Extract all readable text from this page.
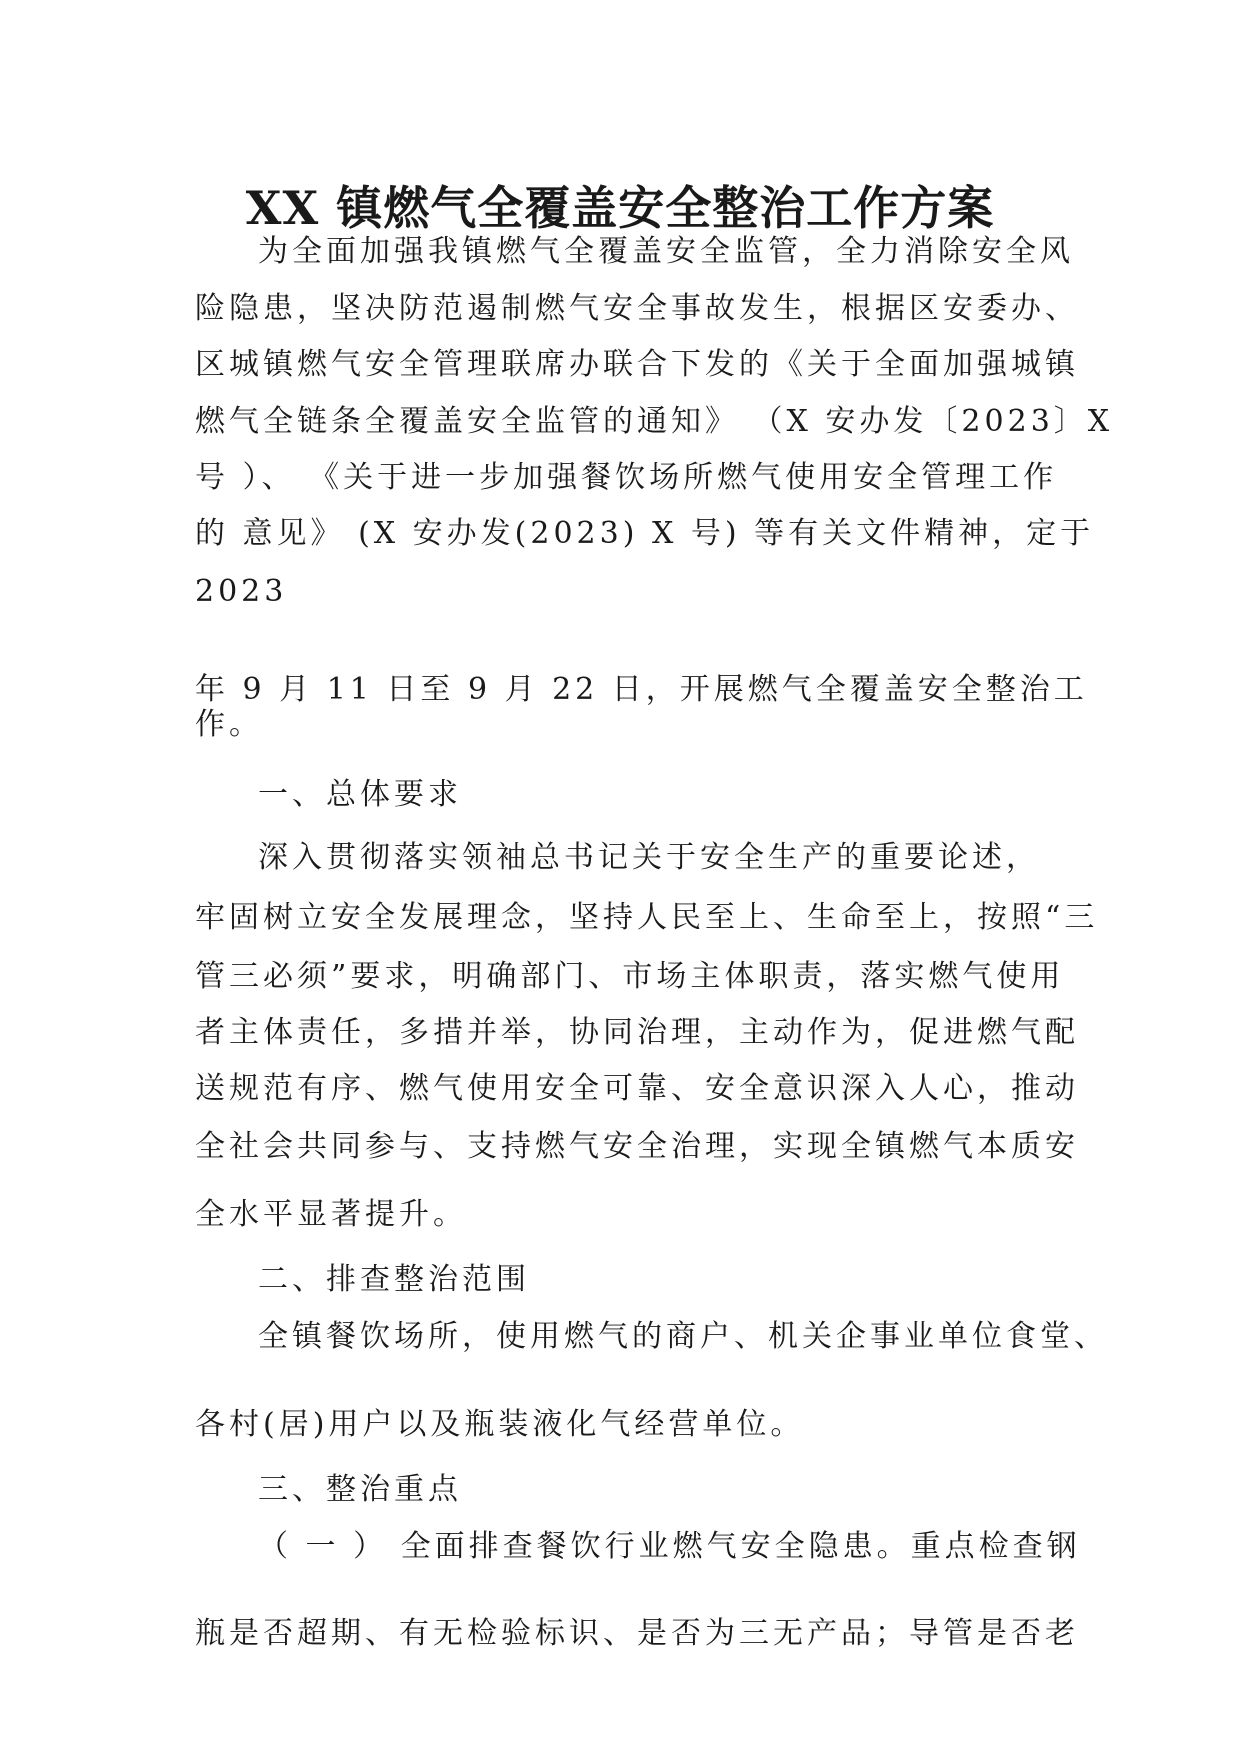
XX 镇燃气全覆盖安全整治工作方案
为全面加强我镇燃气全覆盖安全监管，全力消除安全风
险隐患，坚决防范遏制燃气安全事故发生，根据区安委办、
区城镇燃气安全管理联席办联合下发的《关于全面加强城镇
燃气全链条全覆盖安全监管的通知》 （X 安办发〔2023〕X
号 ）、 《关于进一步加强餐饮场所燃气使用安全管理工作
的 意见》 (X 安办发(2023) X 号) 等有关文件精神，定于
2023
年 9 月 11 日至 9 月 22 日，开展燃气全覆盖安全整治工
作。
一、总体要求
深入贯彻落实领袖总书记关于安全生产的重要论述，
牢固树立安全发展理念，坚持人民至上、生命至上，按照“三
管三必须”要求，明确部门、市场主体职责，落实燃气使用
者主体责任，多措并举，协同治理，主动作为，促进燃气配
送规范有序、燃气使用安全可靠、安全意识深入人心，推动
全社会共同参与、支持燃气安全治理，实现全镇燃气本质安
全水平显著提升。
二、排查整治范围
全镇餐饮场所，使用燃气的商户、机关企事业单位食堂、
各村(居)用户以及瓶装液化气经营单位。
三、整治重点
（ 一 ） 全面排查餐饮行业燃气安全隐患。重点检查钢
瓶是否超期、有无检验标识、是否为三无产品；导管是否老
